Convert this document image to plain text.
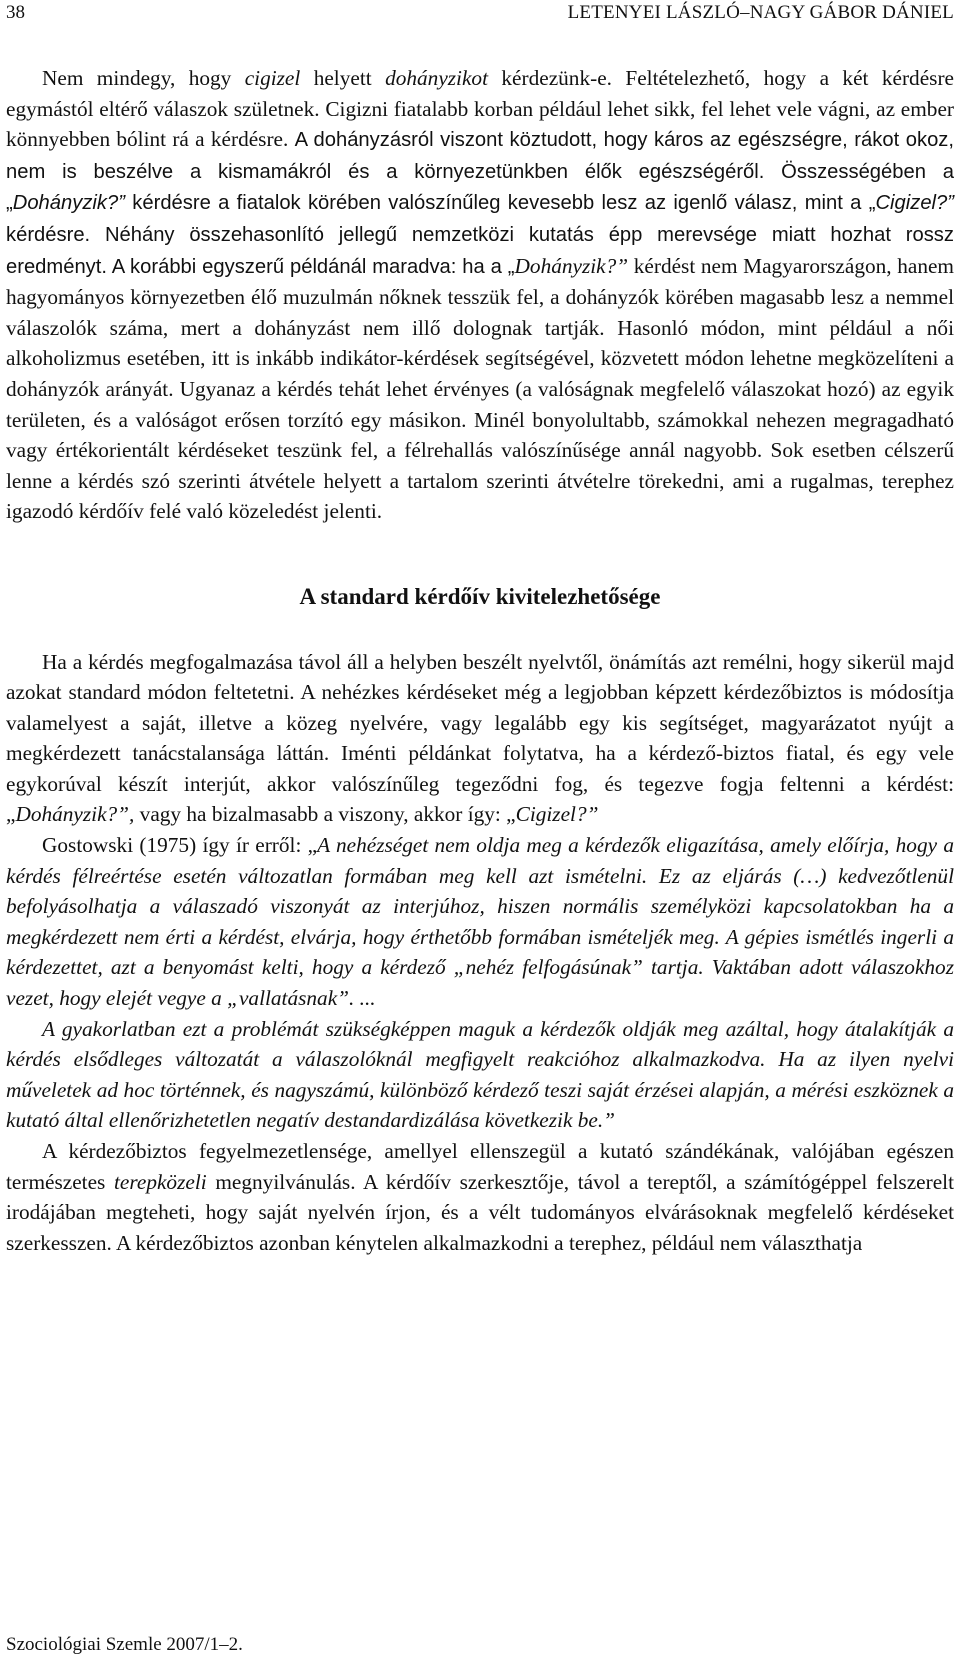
38	LETENYEI LÁSZLÓ–NAGY GÁBOR DÁNIEL

Nem mindegy, hogy cigizel helyett dohányzikot kérdezünk-e. Feltételezhető, hogy a két kérdésre egymástól eltérő válaszok születnek. Cigizni fiatalabb korban például lehet sikk, fel lehet vele vágni, az ember könnyebben bólint rá a kérdésre. A dohányzásról viszont köztudott, hogy káros az egészségre, rákot okoz, nem is beszélve a kismamákról és a környezetünkben élők egészségéről. Összességében a „Dohányzik?” kérdésre a fiatalok körében valószínűleg kevesebb lesz az igenlő válasz, mint a „Cigizel?” kérdésre. Néhány összehasonlító jellegű nemzetközi kutatás épp merevsége miatt hozhat rossz eredményt. A korábbi egyszerű példánál maradva: ha a „Dohányzik?” kérdést nem Magyarországon, hanem hagyományos környezetben élő muzulmán nőknek tesszük fel, a dohányzók körében magasabb lesz a nemmel válaszolók száma, mert a dohányzást nem illő dolognak tartják. Hasonló módon, mint például a női alkoholizmus esetében, itt is inkább indikátor-kérdések segítségével, közvetett módon lehetne megközelíteni a dohányzók arányát. Ugyanaz a kérdés tehát lehet érvényes (a valóságnak megfelelő válaszokat hozó) az egyik területen, és a valóságot erősen torzító egy másikon. Minél bonyolultabb, számokkal nehezen megragadható vagy értékorientált kérdéseket teszünk fel, a félrehallás valószínűsége annál nagyobb. Sok esetben célszerű lenne a kérdés szó szerinti átvétele helyett a tartalom szerinti átvételre törekedni, ami a rugalmas, terephez igazodó kérdőív felé való közeledést jelenti.

A standard kérdőív kivitelezhetősége

Ha a kérdés megfogalmazása távol áll a helyben beszélt nyelvtől, önámítás azt remélni, hogy sikerül majd azokat standard módon feltetetni. A nehézkes kérdéseket még a legjobban képzett kérdezőbiztos is módosítja valamelyest a saját, illetve a közeg nyelvére, vagy legalább egy kis segítséget, magyarázatot nyújt a megkérdezett tanácstalansága láttán. Iménti példánkat folytatva, ha a kérdező-biztos fiatal, és egy vele egykorúval készít interjút, akkor valószínűleg tegeződni fog, és tegezve fogja feltenni a kérdést: „Dohányzik?”, vagy ha bizalmasabb a viszony, akkor így: „Cigizel?”

Gostowski (1975) így ír erről: „A nehézséget nem oldja meg a kérdezők eligazítása, amely előírja, hogy a kérdés félreértése esetén változatlan formában meg kell azt ismételni. Ez az eljárás (…) kedvezőtlenül befolyásolhatja a válaszadó viszonyát az interjúhoz, hiszen normális személyközi kapcsolatokban ha a megkérdezett nem érti a kérdést, elvárja, hogy érthetőbb formában ismételjék meg. A gépies ismétlés ingerli a kérdezettet, azt a benyomást kelti, hogy a kérdező „nehéz felfogásúnak” tartja. Vaktában adott válaszokhoz vezet, hogy elejét vegye a „vallatásnak”. ...

A gyakorlatban ezt a problémát szükségképpen maguk a kérdezők oldják meg azáltal, hogy átalakítják a kérdés elsődleges változatát a válaszolóknál megfigyelt reakcióhoz alkalmazkodva. Ha az ilyen nyelvi műveletek ad hoc történnek, és nagyszámú, különböző kérdező teszi saját érzései alapján, a mérési eszköznek a kutató által ellenőrizhetetlen negatív destandardizálása következik be.”

A kérdezőbiztos fegyelmezetlensége, amellyel ellenszegül a kutató szándékának, valójában egészen természetes terepközeli megnyilvánulás. A kérdőív szerkesztője, távol a tereptől, a számítógéppel felszerelt irodájában megteheti, hogy saját nyelvén írjon, és a vélt tudományos elvárásoknak megfelelő kérdéseket szerkesszen. A kérdezőbiztos azonban kénytelen alkalmazkodni a terephez, például nem választhatja

Szociológiai Szemle 2007/1–2.
